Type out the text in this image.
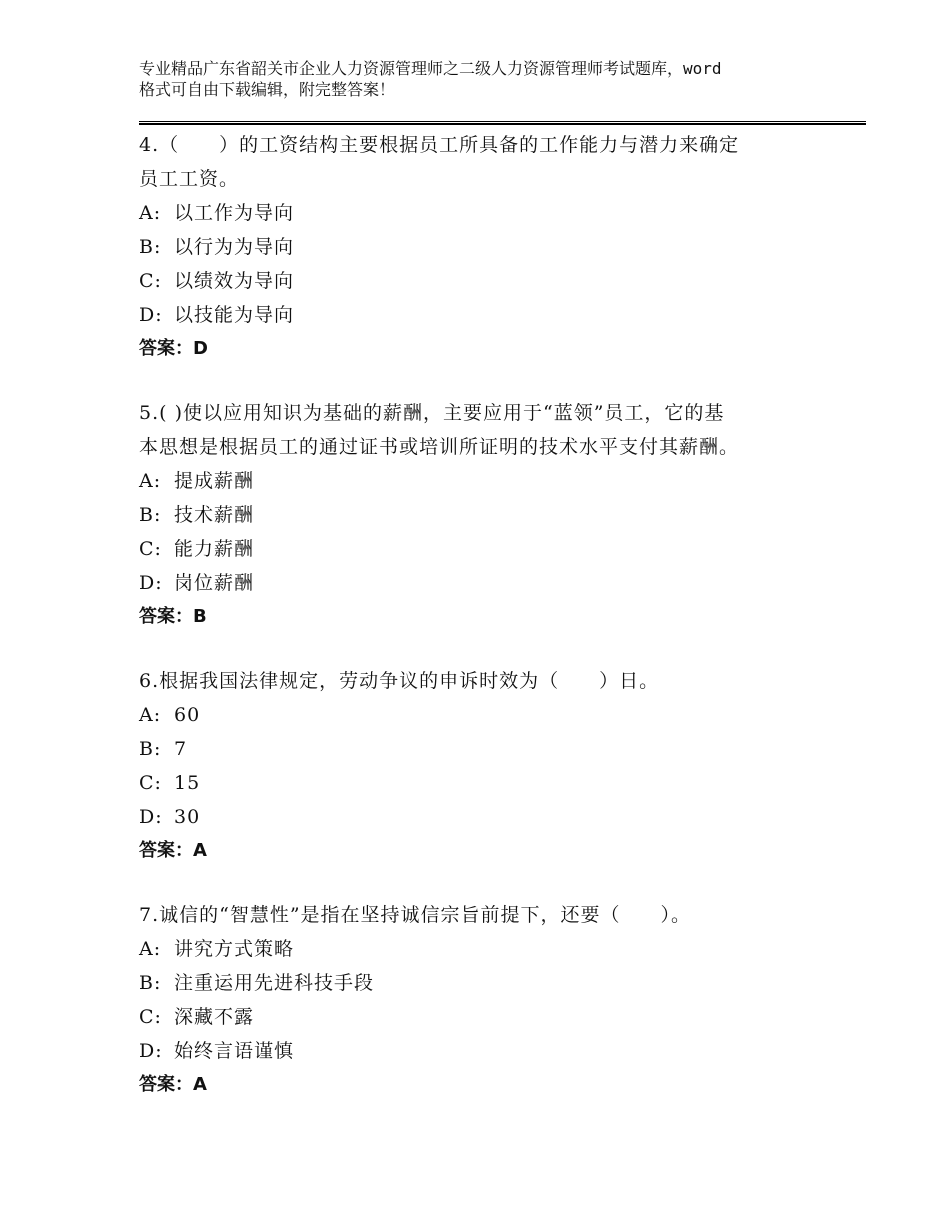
专业精品广东省韶关市企业人力资源管理师之二级人力资源管理师考试题库，word
格式可自由下载编辑，附完整答案！
4.（　　）的工资结构主要根据员工所具备的工作能力与潜力来确定
员工工资。
A: 以工作为导向
B: 以行为为导向
C: 以绩效为导向
D: 以技能为导向
答案：D
5.( )使以应用知识为基础的薪酬，主要应用于“蓝领”员工，它的基
本思想是根据员工的通过证书或培训所证明的技术水平支付其薪酬。
A: 提成薪酬
B: 技术薪酬
C: 能力薪酬
D: 岗位薪酬
答案：B
6.根据我国法律规定，劳动争议的申诉时效为（　　）日。
A: 60
B: 7
C: 15
D: 30
答案：A
7.诚信的“智慧性”是指在坚持诚信宗旨前提下，还要（　　）。
A: 讲究方式策略
B: 注重运用先进科技手段
C: 深藏不露
D: 始终言语谨慎
答案：A
